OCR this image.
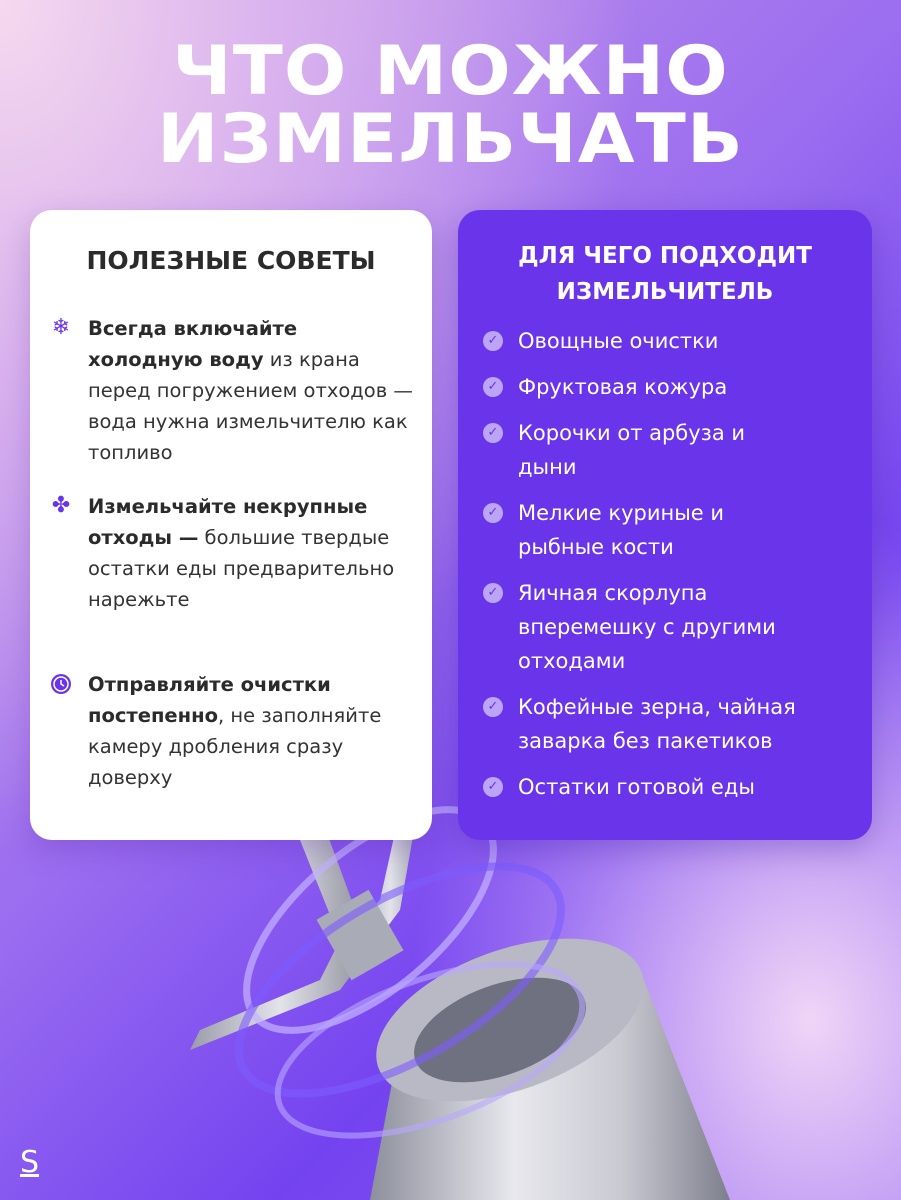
ЧТО МОЖНО
ИЗМЕЛЬЧАТЬ
ПОЛЕЗНЫЕ СОВЕТЫ
❄ Всегда включайте холодную воду из крана перед погружением отходов — вода нужна измельчителю как топливо
✤ Измельчайте некрупные отходы — большие твердые остатки еды предварительно нарежьте
Отправляйте очистки постепенно, не заполняйте камеру дробления сразу доверху
ДЛЯ ЧЕГО ПОДХОДИТ ИЗМЕЛЬЧИТЕЛЬ
✓ Овощные очистки
✓ Фруктовая кожура
✓ Корочки от арбуза и дыни
✓ Мелкие куриные и рыбные кости
✓ Яичная скорлупа вперемешку с другими отходами
✓ Кофейные зерна, чайная заварка без пакетиков
✓ Остатки готовой еды
S
